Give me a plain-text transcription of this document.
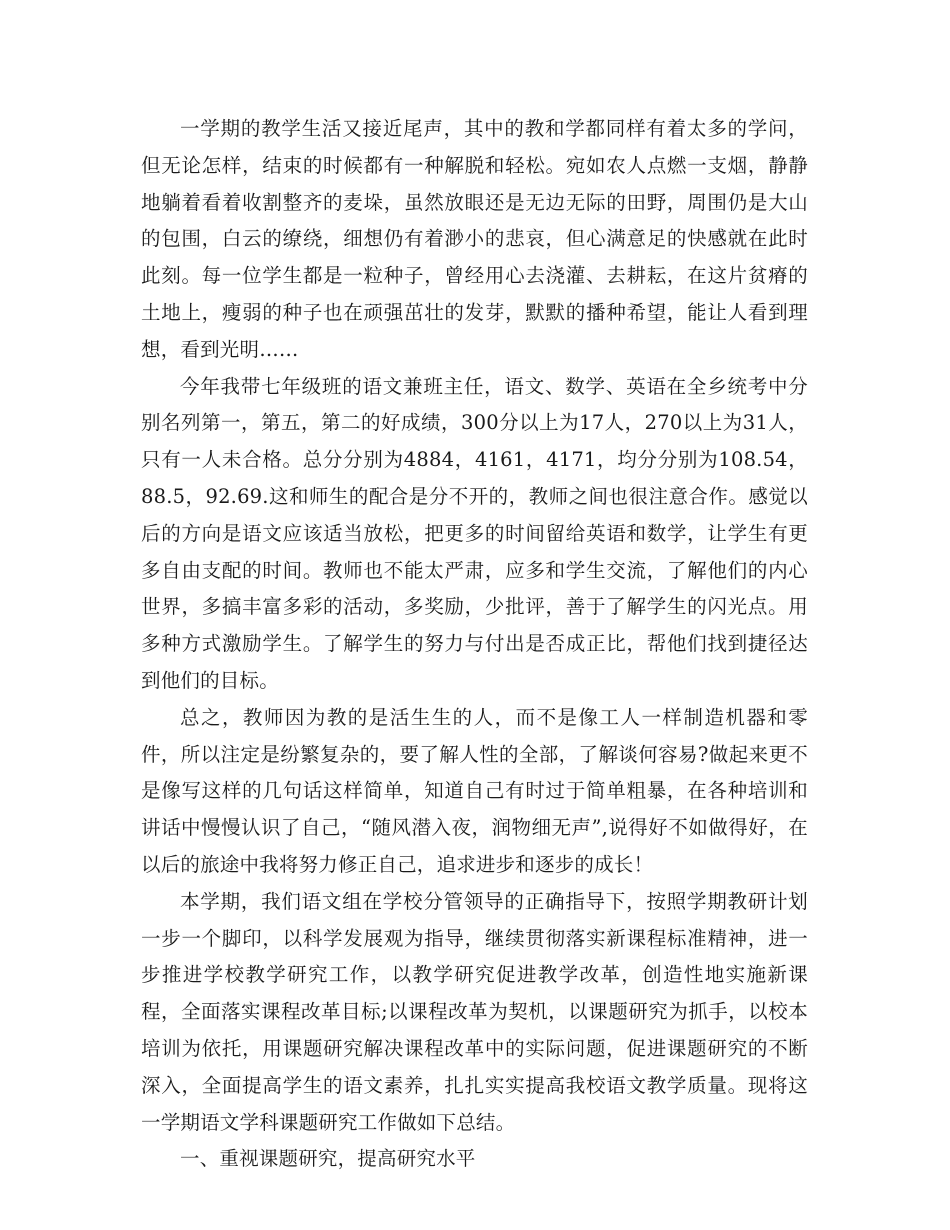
一学期的教学生活又接近尾声，其中的教和学都同样有着太多的学问，但无论怎样，结束的时候都有一种解脱和轻松。宛如农人点燃一支烟，静静地躺着看着收割整齐的麦垛，虽然放眼还是无边无际的田野，周围仍是大山的包围，白云的缭绕，细想仍有着渺小的悲哀，但心满意足的快感就在此时此刻。每一位学生都是一粒种子，曾经用心去浇灌、去耕耘，在这片贫瘠的土地上，瘦弱的种子也在顽强茁壮的发芽，默默的播种希望，能让人看到理想，看到光明……

今年我带七年级班的语文兼班主任，语文、数学、英语在全乡统考中分别名列第一，第五，第二的好成绩，300分以上为17人，270以上为31人，只有一人未合格。总分分别为4884，4161，4171，均分分别为108.54，88.5，92.69.这和师生的配合是分不开的，教师之间也很注意合作。感觉以后的方向是语文应该适当放松，把更多的时间留给英语和数学，让学生有更多自由支配的时间。教师也不能太严肃，应多和学生交流，了解他们的内心世界，多搞丰富多彩的活动，多奖励，少批评，善于了解学生的闪光点。用多种方式激励学生。了解学生的努力与付出是否成正比，帮他们找到捷径达到他们的目标。

总之，教师因为教的是活生生的人，而不是像工人一样制造机器和零件，所以注定是纷繁复杂的，要了解人性的全部，了解谈何容易?做起来更不是像写这样的几句话这样简单，知道自己有时过于简单粗暴，在各种培训和讲话中慢慢认识了自己，“随风潜入夜，润物细无声”,说得好不如做得好，在以后的旅途中我将努力修正自己，追求进步和逐步的成长！

本学期，我们语文组在学校分管领导的正确指导下，按照学期教研计划一步一个脚印，以科学发展观为指导，继续贯彻落实新课程标准精神，进一步推进学校教学研究工作，以教学研究促进教学改革，创造性地实施新课程，全面落实课程改革目标;以课程改革为契机，以课题研究为抓手，以校本培训为依托，用课题研究解决课程改革中的实际问题，促进课题研究的不断深入，全面提高学生的语文素养，扎扎实实提高我校语文教学质量。现将这一学期语文学科课题研究工作做如下总结。

一、重视课题研究，提高研究水平
